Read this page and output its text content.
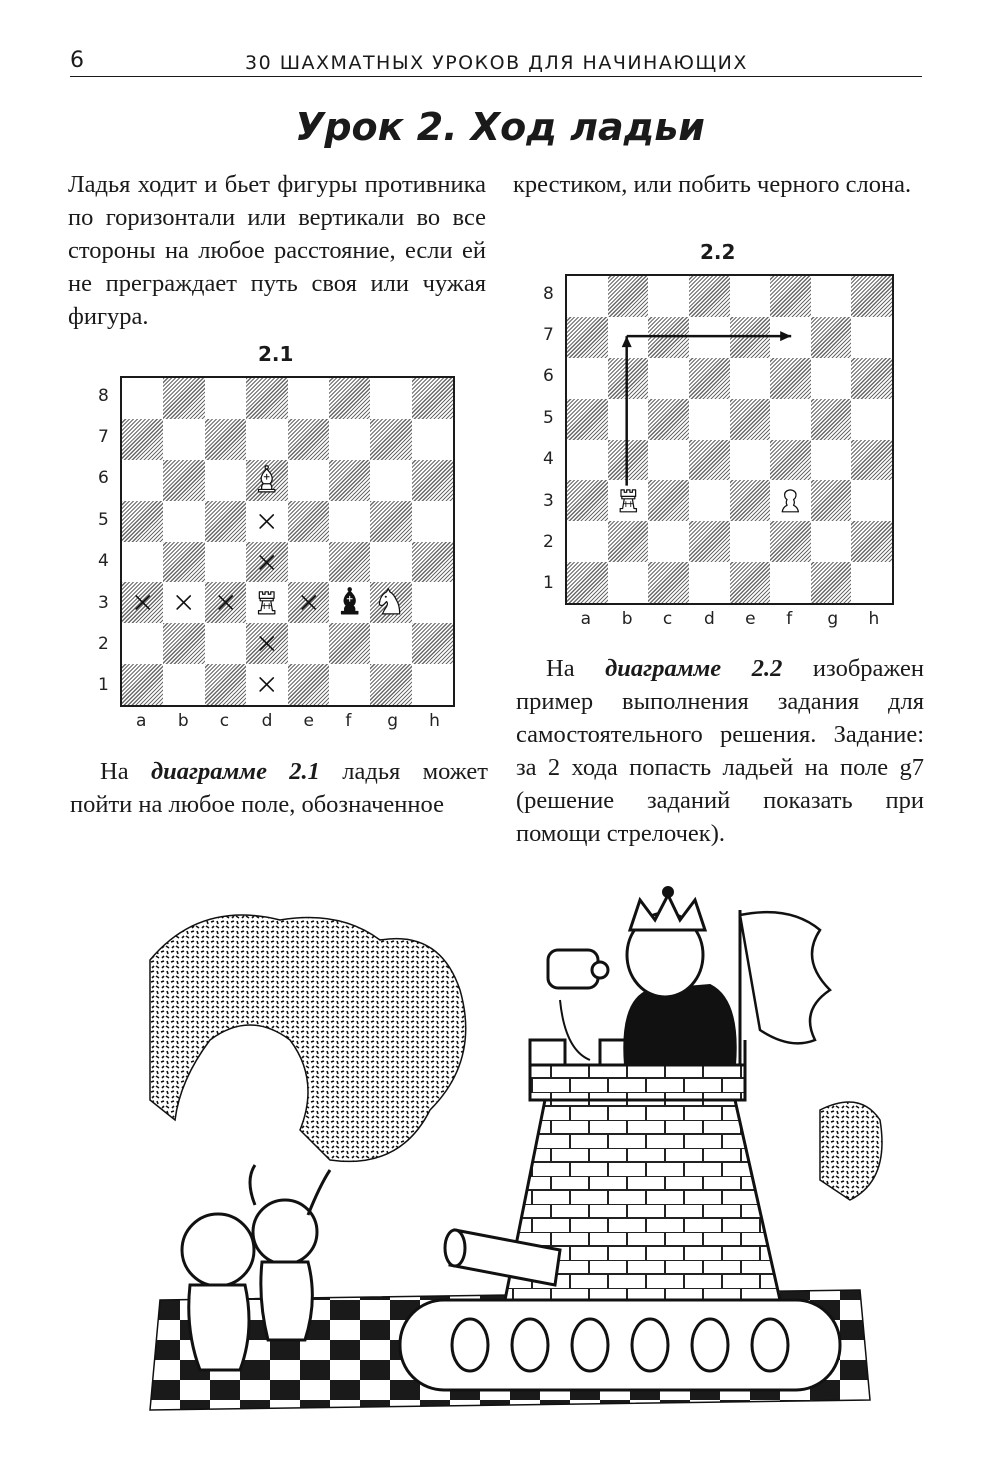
6	30 ШАХМАТНЫХ УРОКОВ ДЛЯ НАЧИНАЮЩИХ
Урок 2. Ход ладьи

Ладья ходит и бьет фигуры противника по горизонтали или вертикали во все стороны на любое расстояние, если ей не преграждает путь своя или чужая фигура.

крестиком, или побить черного слона.

2.1
2.2

На диаграмме 2.1 ладья может пойти на любое поле, обозначенное

На диаграмме 2.2 изображен пример выполнения задания для самостоятельного решения. Задание: за 2 хода попасть ладьей на поле g7 (решение заданий показать при помощи стрелочек).

8
7
6
5
4
3
2
1
a b c d e f g h
8
7
6
5
4
3
2
1
a b c d e f g h
